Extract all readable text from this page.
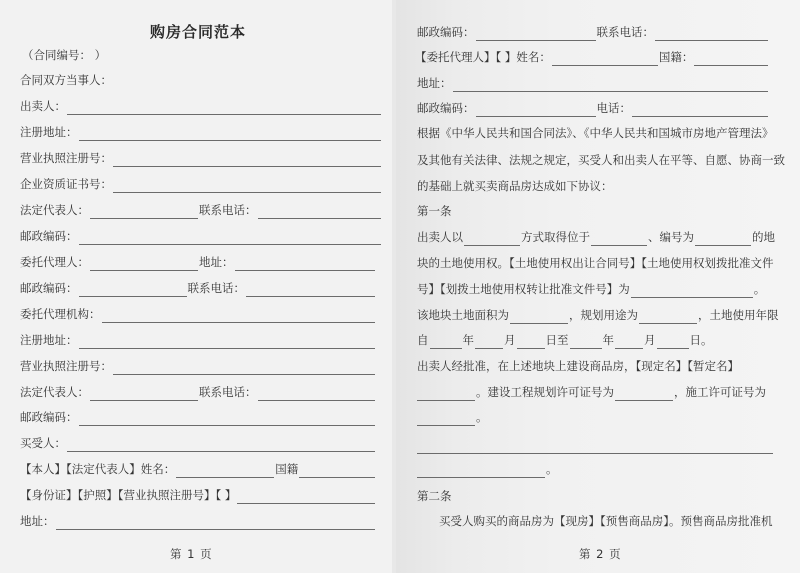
购房合同范本
（合同编号： ）
合同双方当事人：
出卖人：
注册地址：
营业执照注册号：
企业资质证书号：
法定代表人：	联系电话：
邮政编码：
委托代理人：	地址：
邮政编码：	联系电话：
委托代理机构：
注册地址：
营业执照注册号：
法定代表人：	联系电话：
邮政编码：
买受人：
【本人】【法定代表人】姓名：	国籍
【身份证】【护照】【营业执照注册号】【 】
地址：
第 1 页
邮政编码：	联系电话：
【委托代理人】【 】姓名：	国籍：
地址：
邮政编码：	电话：
根据《中华人民共和国合同法》、《中华人民共和国城市房地产管理法》
及其他有关法律、法规之规定，买受人和出卖人在平等、自愿、协商一致
的基础上就买卖商品房达成如下协议：
第一条
出卖人以	方式取得位于	、编号为	的地
块的土地使用权。【土地使用权出让合同号】【土地使用权划拨批准文件
号】【划拨土地使用权转让批准文件号】为	。
该地块土地面积为	，规划用途为	，土地使用年限
自	年	月	日至	年	月	日。
出卖人经批准，在上述地块上建设商品房，【现定名】【暂定名】
。建设工程规划许可证号为	，施工许可证号为
。
。
第二条
买受人购买的商品房为【现房】【预售商品房】。预售商品房批准机
第 2 页
